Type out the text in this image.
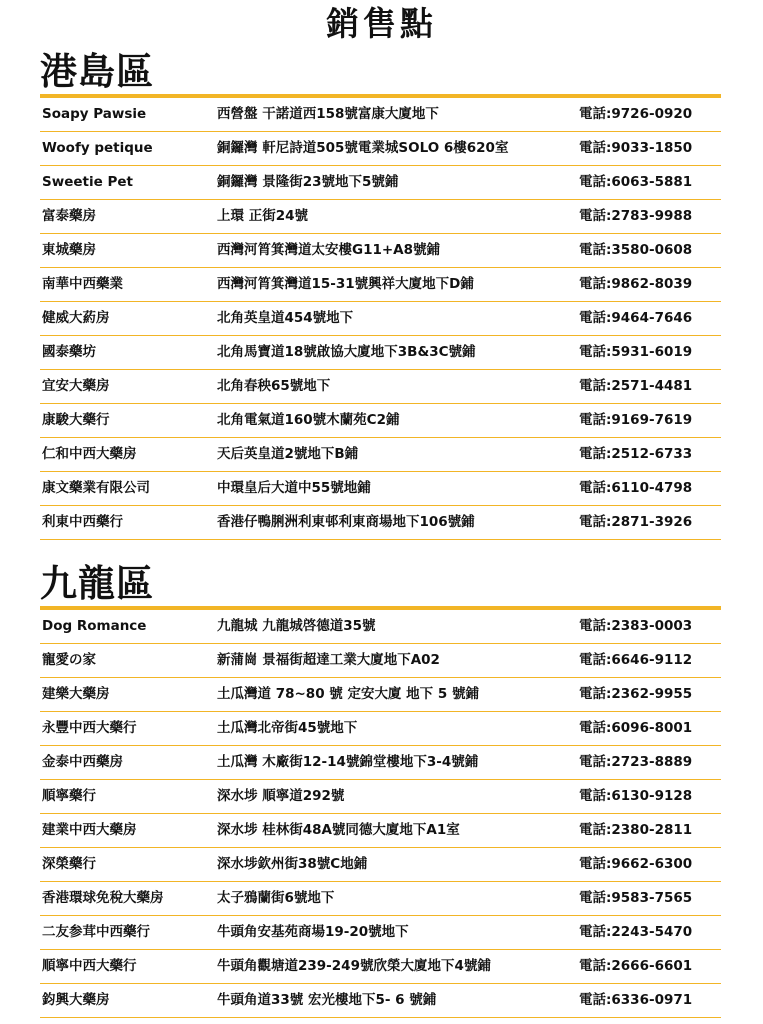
銷售點
港島區
Soapy Pawsie	西營盤 干諾道西158號富康大廈地下	電話:9726-0920
Woofy petique	銅鑼灣 軒尼詩道505號電業城SOLO 6樓620室	電話:9033-1850
Sweetie Pet	銅鑼灣 景隆街23號地下5號鋪	電話:6063-5881
富泰藥房	上環 正街24號	電話:2783-9988
東城藥房	西灣河筲箕灣道太安樓G11+A8號鋪	電話:3580-0608
南華中西藥業	西灣河筲箕灣道15-31號興祥大廈地下D鋪	電話:9862-8039
健威大葯房	北角英皇道454號地下	電話:9464-7646
國泰藥坊	北角馬寶道18號啟協大廈地下3B&3C號鋪	電話:5931-6019
宜安大藥房	北角春秧65號地下	電話:2571-4481
康駿大藥行	北角電氣道160號木蘭苑C2鋪	電話:9169-7619
仁和中西大藥房	天后英皇道2號地下B鋪	電話:2512-6733
康文藥業有限公司	中環皇后大道中55號地鋪	電話:6110-4798
利東中西藥行	香港仔鴨脷洲利東邨利東商場地下106號鋪	電話:2871-3926
九龍區
Dog Romance	九龍城 九龍城啓德道35號	電話:2383-0003
寵愛の家	新蒲崗 景福街超達工業大廈地下A02	電話:6646-9112
建樂大藥房	土瓜灣道 78~80 號 定安大廈 地下 5 號鋪	電話:2362-9955
永豐中西大藥行	土瓜灣北帝街45號地下	電話:6096-8001
金泰中西藥房	土瓜灣 木廠街12-14號錦堂樓地下3-4號鋪	電話:2723-8889
順寧藥行	深水埗 順寧道292號	電話:6130-9128
建業中西大藥房	深水埗 桂林街48A號同德大廈地下A1室	電話:2380-2811
深榮藥行	深水埗欽州街38號C地鋪	電話:9662-6300
香港環球免稅大藥房	太子鴉蘭街6號地下	電話:9583-7565
二友参茸中西藥行	牛頭角安基苑商場19-20號地下	電話:2243-5470
順寧中西大藥行	牛頭角觀塘道239-249號欣榮大廈地下4號鋪	電話:2666-6601
鈞興大藥房	牛頭角道33號 宏光樓地下5- 6 號鋪	電話:6336-0971
